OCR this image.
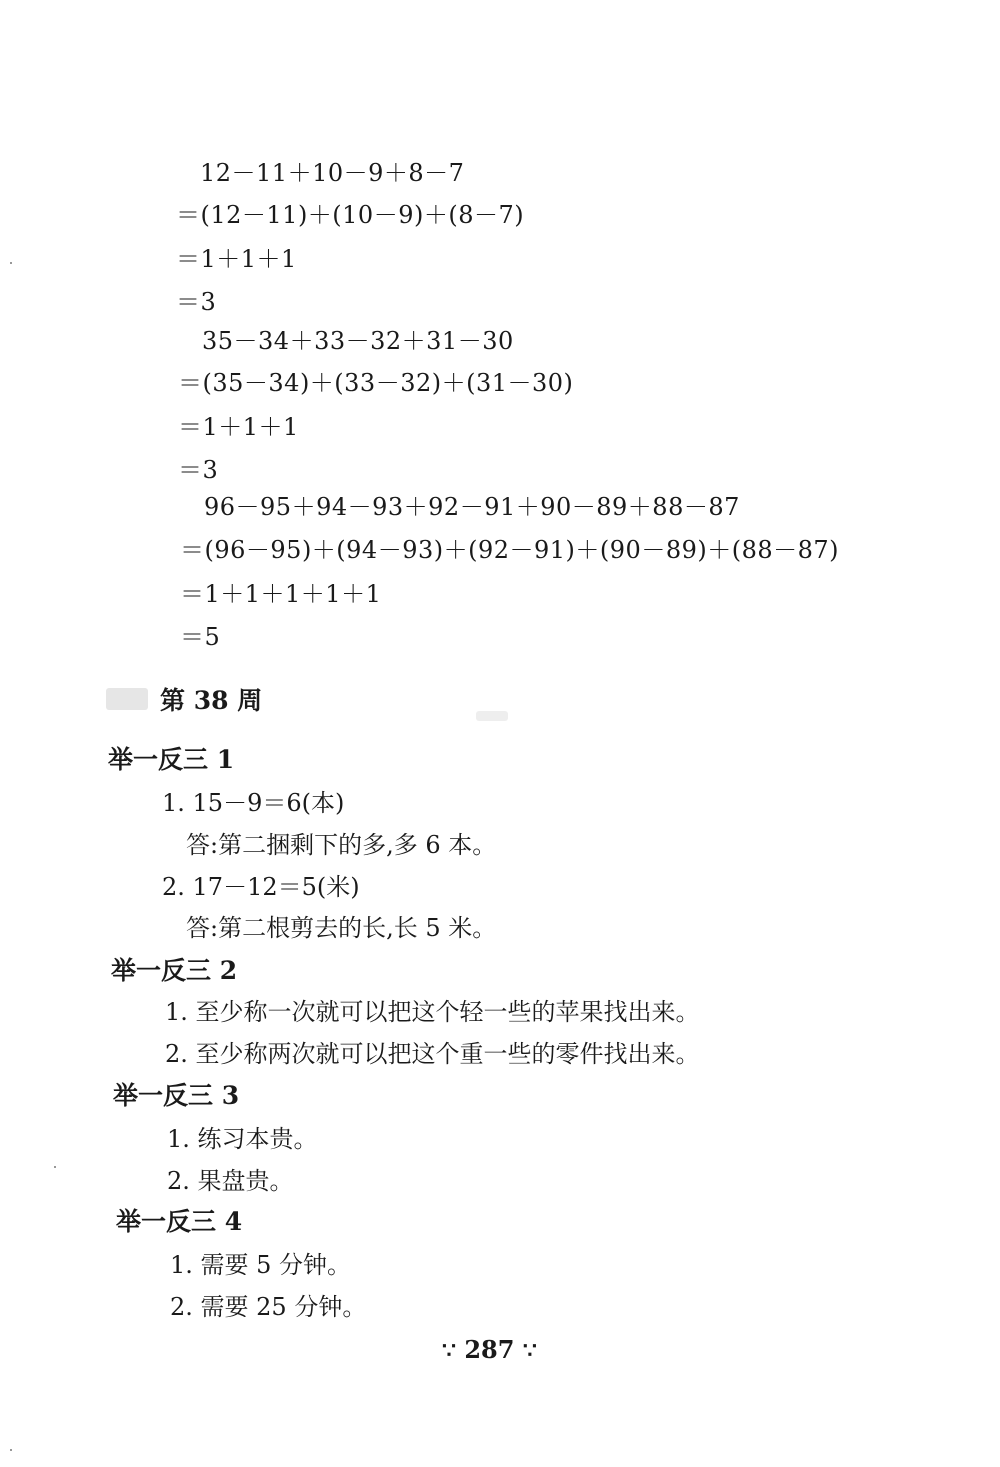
12－11＋10－9＋8－7
＝(12－11)＋(10－9)＋(8－7)
＝1＋1＋1
＝3
35－34＋33－32＋31－30
＝(35－34)＋(33－32)＋(31－30)
＝1＋1＋1
＝3
96－95＋94－93＋92－91＋90－89＋88－87
＝(96－95)＋(94－93)＋(92－91)＋(90－89)＋(88－87)
＝1＋1＋1＋1＋1
＝5
第 38 周
举一反三 1
1. 15－9＝6(本)
答:第二捆剩下的多,多 6 本。
2. 17－12＝5(米)
答:第二根剪去的长,长 5 米。
举一反三 2
1. 至少称一次就可以把这个轻一些的苹果找出来。
2. 至少称两次就可以把这个重一些的零件找出来。
举一反三 3
1. 练习本贵。
2. 果盘贵。
举一反三 4
1. 需要 5 分钟。
2. 需要 25 分钟。
∵ 287 ∵
